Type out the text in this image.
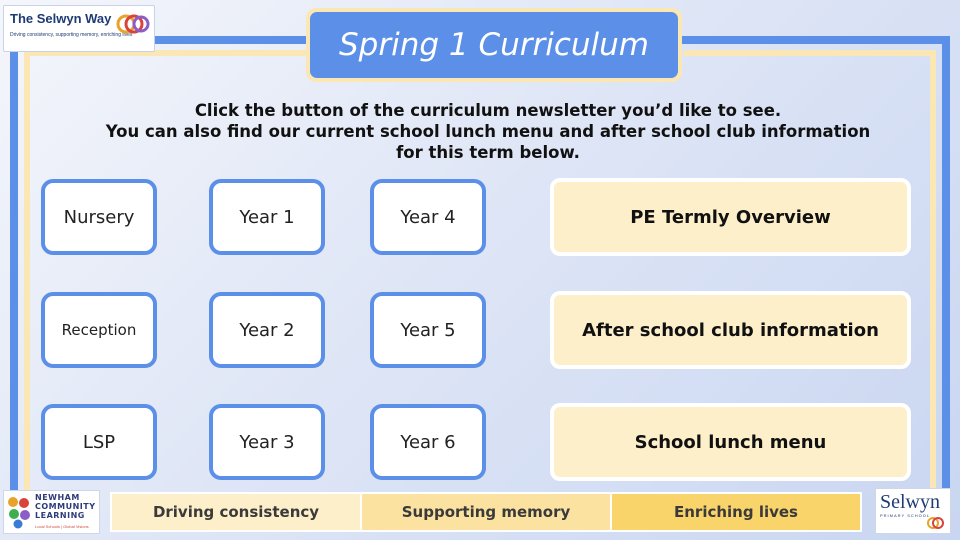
The Selwyn Way
Driving consistency, supporting memory, enriching lives	Spring 1 Curriculum
Click the button of the curriculum newsletter you’d like to see.
You can also find our current school lunch menu and after school club information
for this term below.
Nursery
Reception
LSP
Year 1
Year 2
Year 3
Year 4
Year 5
Year 6
PE Termly Overview
After school club information
School lunch menu
Driving consistency	Supporting memory	Enriching lives
NEWHAM
COMMUNITY
LEARNING
Local Schools | Global Visions
Selwyn
PRIMARY SCHOOL
